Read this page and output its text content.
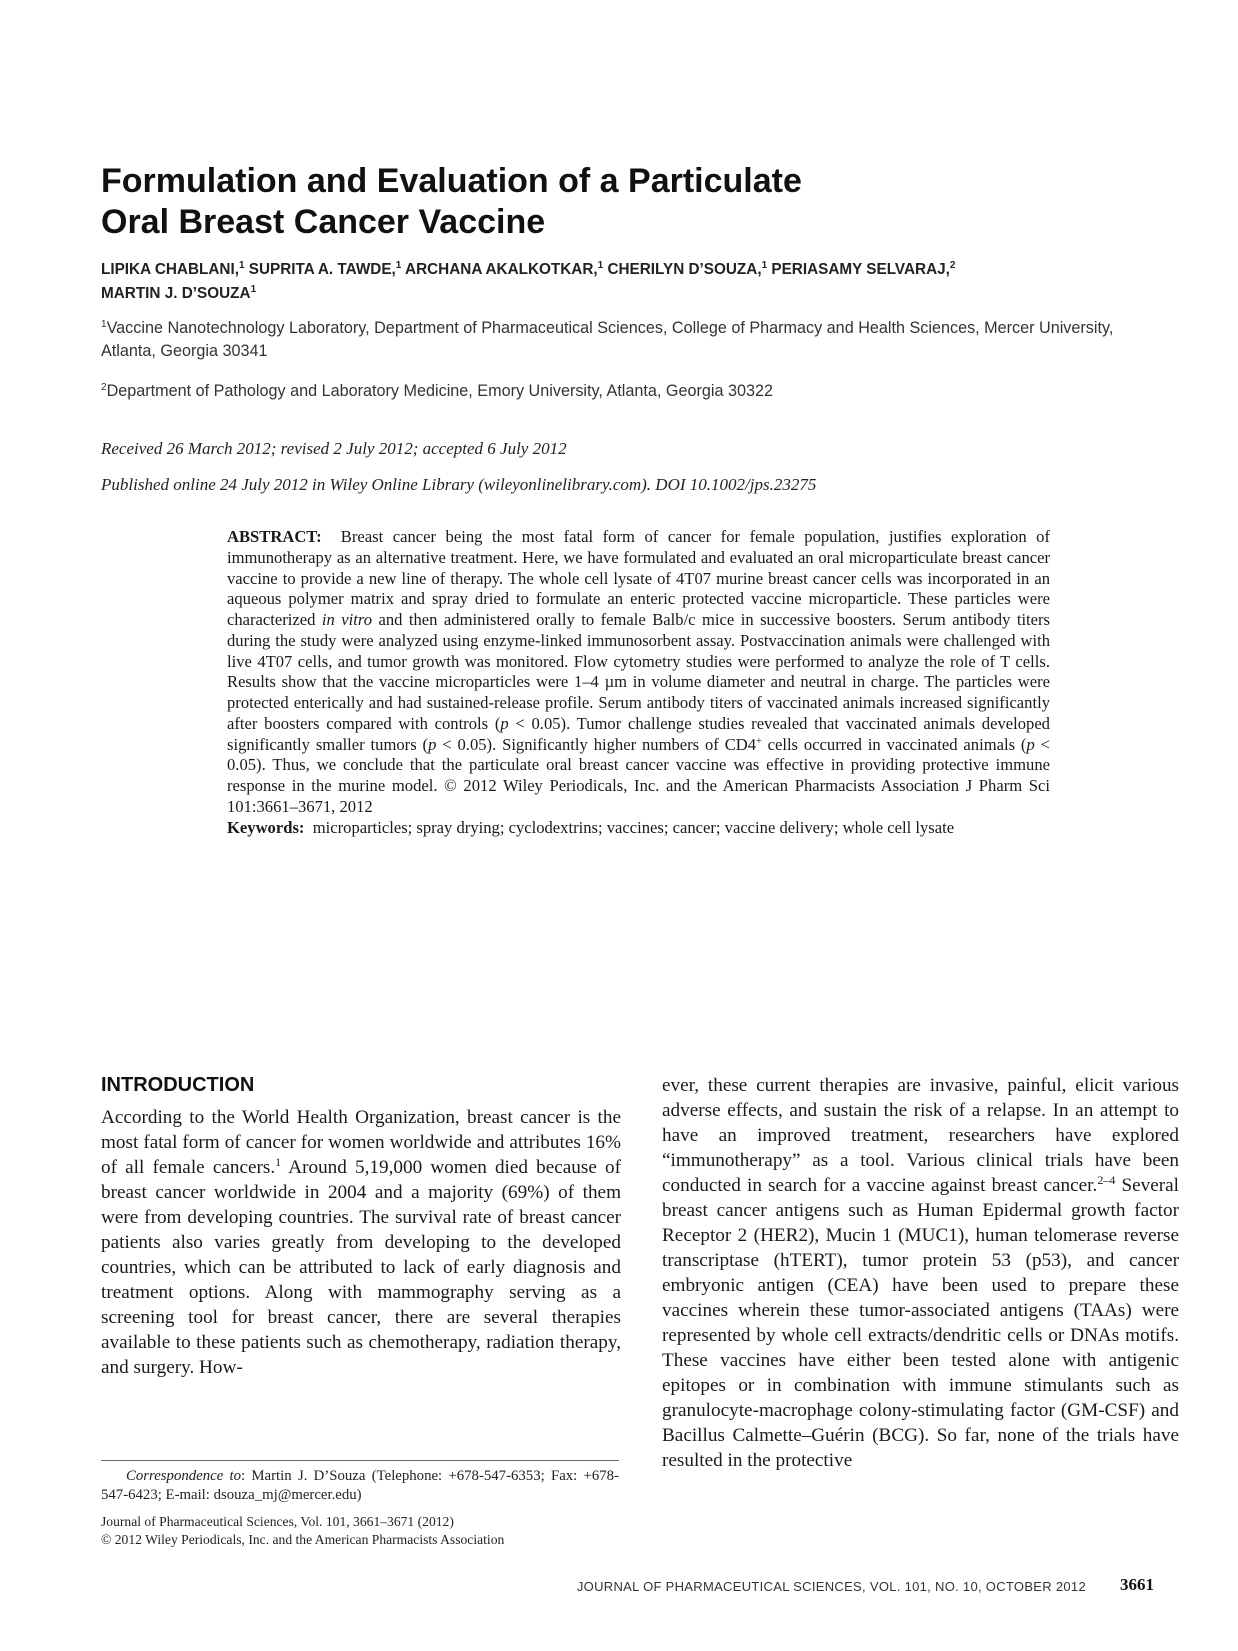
Formulation and Evaluation of a Particulate
Oral Breast Cancer Vaccine
LIPIKA CHABLANI,$^1$ SUPRITA A. TAWDE,$^1$ ARCHANA AKALKOTKAR,$^1$ CHERILYN D’SOUZA,$^1$ PERIASAMY SELVARAJ,$^2$
MARTIN J. D’SOUZA$^1$
$^1$Vaccine Nanotechnology Laboratory, Department of Pharmaceutical Sciences, College of Pharmacy and Health Sciences, Mercer University, Atlanta, Georgia 30341
$^2$Department of Pathology and Laboratory Medicine, Emory University, Atlanta, Georgia 30322
Received 26 March 2012; revised 2 July 2012; accepted 6 July 2012
Published online 24 July 2012 in Wiley Online Library (wileyonlinelibrary.com). DOI 10.1002/jps.23275

ABSTRACT: Breast cancer being the most fatal form of cancer for female population, justifies exploration of immunotherapy as an alternative treatment. Here, we have formulated and evaluated an oral microparticulate breast cancer vaccine to provide a new line of therapy. The whole cell lysate of 4T07 murine breast cancer cells was incorporated in an aqueous polymer matrix and spray dried to formulate an enteric protected vaccine microparticle. These particles were characterized in vitro and then administered orally to female Balb/c mice in successive boosters. Serum antibody titers during the study were analyzed using enzyme-linked immunosorbent assay. Postvaccination animals were challenged with live 4T07 cells, and tumor growth was monitored. Flow cytometry studies were performed to analyze the role of T cells. Results show that the vaccine microparticles were 1–4 µm in volume diameter and neutral in charge. The particles were protected enterically and had sustained-release profile. Serum antibody titers of vaccinated animals increased significantly after boosters compared with controls (p < 0.05). Tumor challenge studies revealed that vaccinated animals developed significantly smaller tumors (p < 0.05). Significantly higher numbers of CD4+ cells occurred in vaccinated animals (p < 0.05). Thus, we conclude that the particulate oral breast cancer vaccine was effective in providing protective immune response in the murine model. © 2012 Wiley Periodicals, Inc. and the American Pharmacists Association J Pharm Sci 101:3661–3671, 2012

Keywords: microparticles; spray drying; cyclodextrins; vaccines; cancer; vaccine delivery; whole cell lysate

INTRODUCTION

According to the World Health Organization, breast cancer is the most fatal form of cancer for women worldwide and attributes 16% of all female cancers.$^1$ Around 5,19,000 women died because of breast cancer worldwide in 2004 and a majority (69%) of them were from developing countries. The survival rate of breast cancer patients also varies greatly from developing to the developed countries, which can be attributed to lack of early diagnosis and treatment options. Along with mammography serving as a screening tool for breast cancer, there are several therapies available to these patients such as chemotherapy, radiation therapy, and surgery. How-

ever, these current therapies are invasive, painful, elicit various adverse effects, and sustain the risk of a relapse. In an attempt to have an improved treatment, researchers have explored “immunotherapy” as a tool. Various clinical trials have been conducted in search for a vaccine against breast cancer.$^{2-4}$ Several breast cancer antigens such as Human Epidermal growth factor Receptor 2 (HER2), Mucin 1 (MUC1), human telomerase reverse transcriptase (hTERT), tumor protein 53 (p53), and cancer embryonic antigen (CEA) have been used to prepare these vaccines wherein these tumor-associated antigens (TAAs) were represented by whole cell extracts/dendritic cells or DNAs motifs. These vaccines have either been tested alone with antigenic epitopes or in combination with immune stimulants such as granulocyte-macrophage colony-stimulating factor (GM-CSF) and Bacillus Calmette–Guérin (BCG). So far, none of the trials have resulted in the protective

Correspondence to: Martin J. D’Souza (Telephone: +678-547-6353; Fax: +678-547-6423; E-mail: dsouza_mj@mercer.edu)
Journal of Pharmaceutical Sciences, Vol. 101, 3661–3671 (2012)
© 2012 Wiley Periodicals, Inc. and the American Pharmacists Association
JOURNAL OF PHARMACEUTICAL SCIENCES, VOL. 101, NO. 10, OCTOBER 2012 3661
